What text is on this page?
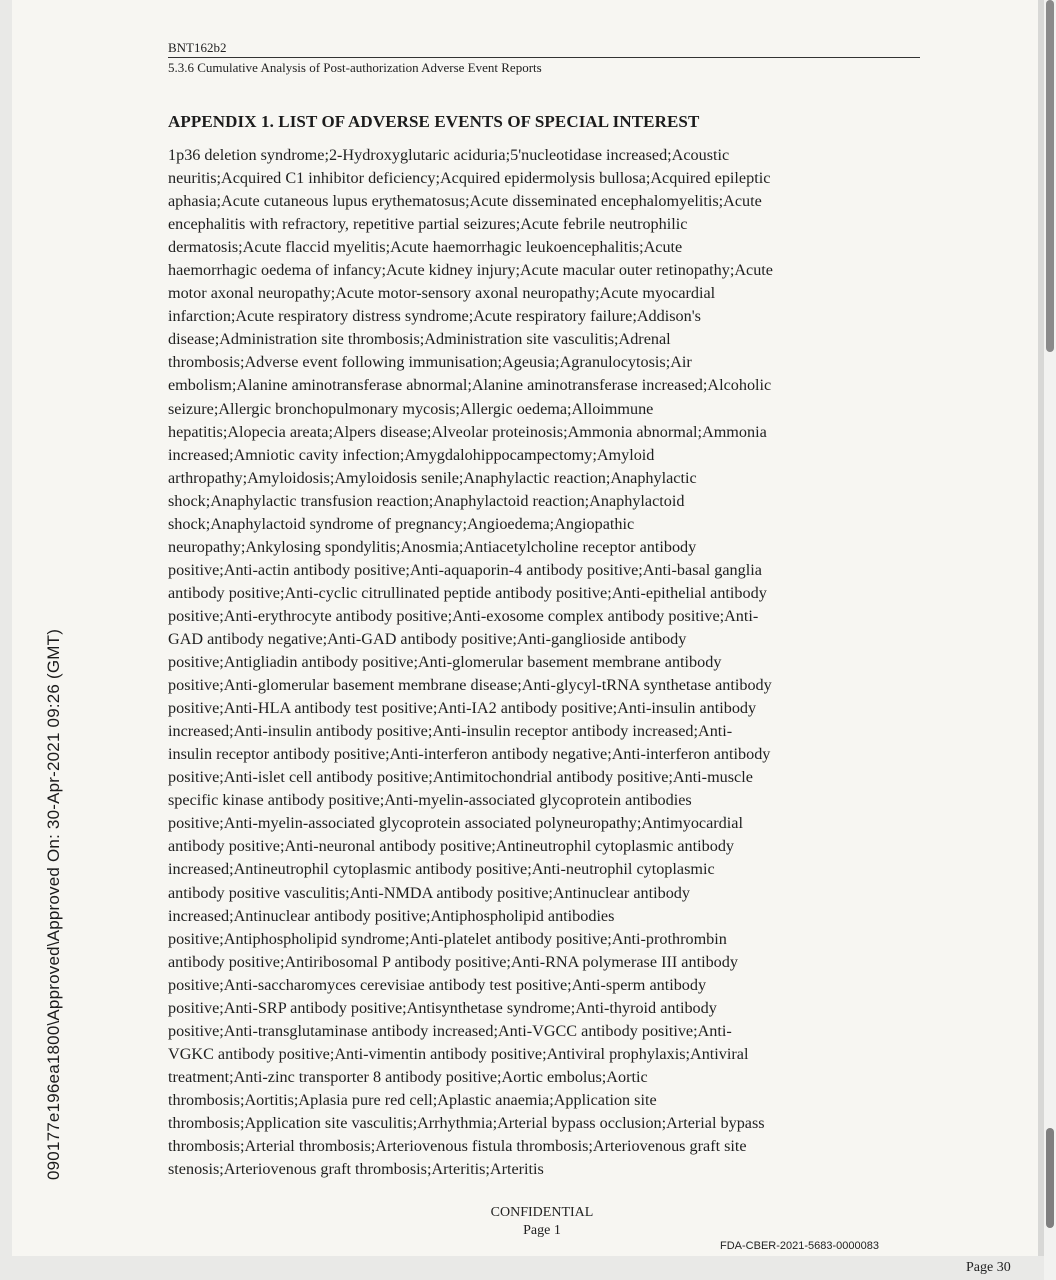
BNT162b2

5.3.6 Cumulative Analysis of Post-authorization Adverse Event Reports

APPENDIX 1. LIST OF ADVERSE EVENTS OF SPECIAL INTEREST
1p36 deletion syndrome;2-Hydroxyglutaric aciduria;5'nucleotidase increased;Acoustic
neuritis;Acquired C1 inhibitor deficiency;Acquired epidermolysis bullosa;Acquired epileptic
aphasia;Acute cutaneous lupus erythematosus;Acute disseminated encephalomyelitis;Acute
encephalitis with refractory, repetitive partial seizures;Acute febrile neutrophilic
dermatosis;Acute flaccid myelitis;Acute haemorrhagic leukoencephalitis;Acute
haemorrhagic oedema of infancy;Acute kidney injury;Acute macular outer retinopathy;Acute
motor axonal neuropathy;Acute motor-sensory axonal neuropathy;Acute myocardial
infarction;Acute respiratory distress syndrome;Acute respiratory failure;Addison's
disease;Administration site thrombosis;Administration site vasculitis;Adrenal
thrombosis;Adverse event following immunisation;Ageusia;Agranulocytosis;Air
embolism;Alanine aminotransferase abnormal;Alanine aminotransferase increased;Alcoholic
seizure;Allergic bronchopulmonary mycosis;Allergic oedema;Alloimmune
hepatitis;Alopecia areata;Alpers disease;Alveolar proteinosis;Ammonia abnormal;Ammonia
increased;Amniotic cavity infection;Amygdalohippocampectomy;Amyloid
arthropathy;Amyloidosis;Amyloidosis senile;Anaphylactic reaction;Anaphylactic
shock;Anaphylactic transfusion reaction;Anaphylactoid reaction;Anaphylactoid
shock;Anaphylactoid syndrome of pregnancy;Angioedema;Angiopathic
neuropathy;Ankylosing spondylitis;Anosmia;Antiacetylcholine receptor antibody
positive;Anti-actin antibody positive;Anti-aquaporin-4 antibody positive;Anti-basal ganglia
antibody positive;Anti-cyclic citrullinated peptide antibody positive;Anti-epithelial antibody
positive;Anti-erythrocyte antibody positive;Anti-exosome complex antibody positive;Anti-
GAD antibody negative;Anti-GAD antibody positive;Anti-ganglioside antibody
positive;Antigliadin antibody positive;Anti-glomerular basement membrane antibody
positive;Anti-glomerular basement membrane disease;Anti-glycyl-tRNA synthetase antibody
positive;Anti-HLA antibody test positive;Anti-IA2 antibody positive;Anti-insulin antibody
increased;Anti-insulin antibody positive;Anti-insulin receptor antibody increased;Anti-
insulin receptor antibody positive;Anti-interferon antibody negative;Anti-interferon antibody
positive;Anti-islet cell antibody positive;Antimitochondrial antibody positive;Anti-muscle
specific kinase antibody positive;Anti-myelin-associated glycoprotein antibodies
positive;Anti-myelin-associated glycoprotein associated polyneuropathy;Antimyocardial
antibody positive;Anti-neuronal antibody positive;Antineutrophil cytoplasmic antibody
increased;Antineutrophil cytoplasmic antibody positive;Anti-neutrophil cytoplasmic
antibody positive vasculitis;Anti-NMDA antibody positive;Antinuclear antibody
increased;Antinuclear antibody positive;Antiphospholipid antibodies
positive;Antiphospholipid syndrome;Anti-platelet antibody positive;Anti-prothrombin
antibody positive;Antiribosomal P antibody positive;Anti-RNA polymerase III antibody
positive;Anti-saccharomyces cerevisiae antibody test positive;Anti-sperm antibody
positive;Anti-SRP antibody positive;Antisynthetase syndrome;Anti-thyroid antibody
positive;Anti-transglutaminase antibody increased;Anti-VGCC antibody positive;Anti-
VGKC antibody positive;Anti-vimentin antibody positive;Antiviral prophylaxis;Antiviral
treatment;Anti-zinc transporter 8 antibody positive;Aortic embolus;Aortic
thrombosis;Aortitis;Aplasia pure red cell;Aplastic anaemia;Application site
thrombosis;Application site vasculitis;Arrhythmia;Arterial bypass occlusion;Arterial bypass
thrombosis;Arterial thrombosis;Arteriovenous fistula thrombosis;Arteriovenous graft site
stenosis;Arteriovenous graft thrombosis;Arteritis;Arteritis
090177e196ea1800\Approved\Approved On: 30-Apr-2021 09:26 (GMT)
CONFIDENTIAL
Page 1
FDA-CBER-2021-5683-0000083
Page 30
